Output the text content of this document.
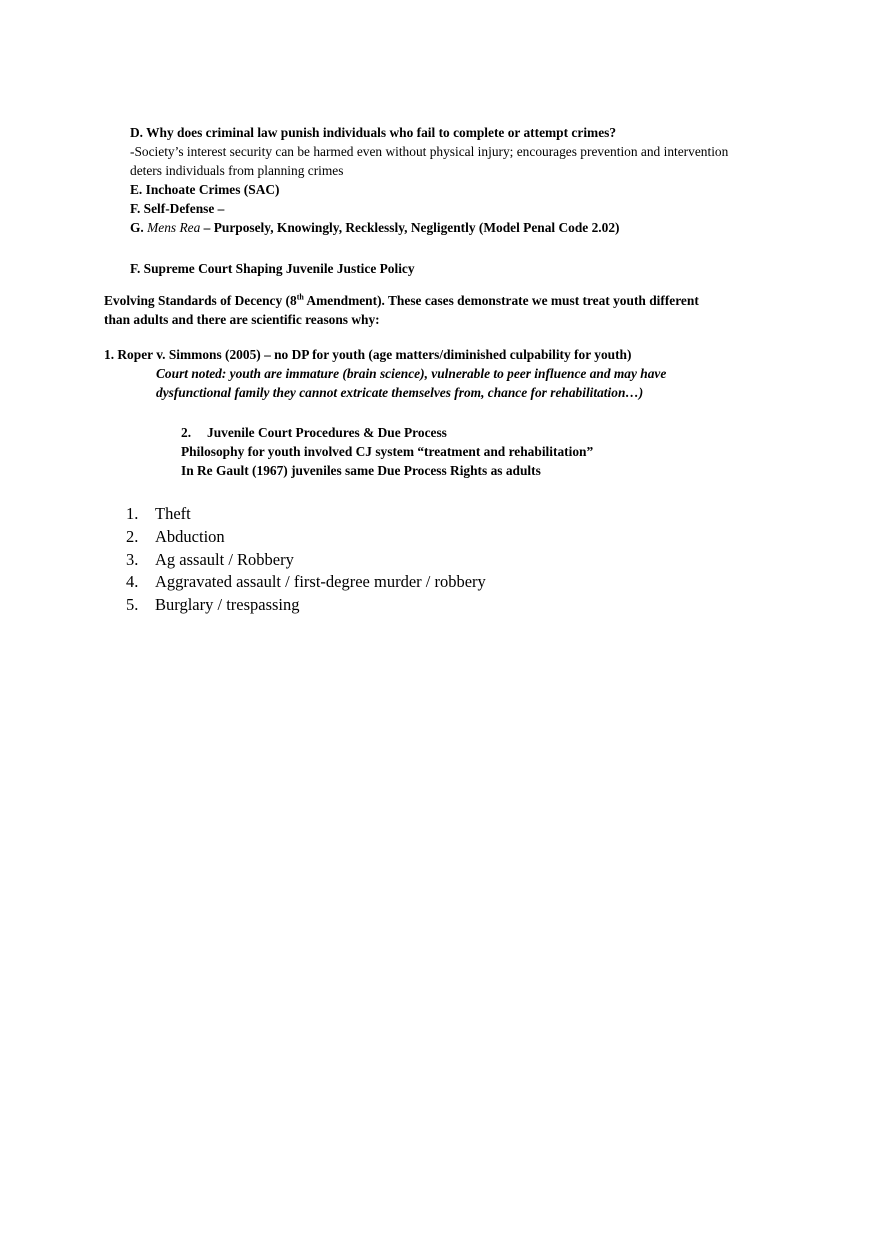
D. Why does criminal law punish individuals who fail to complete or attempt crimes?
-Society’s interest security can be harmed even without physical injury; encourages prevention and intervention
deters individuals from planning crimes
E. Inchoate Crimes (SAC)
F. Self-Defense –
G. Mens Rea – Purposely, Knowingly, Recklessly, Negligently (Model Penal Code 2.02)
F. Supreme Court Shaping Juvenile Justice Policy
Evolving Standards of Decency (8th Amendment). These cases demonstrate we must treat youth different
than adults and there are scientific reasons why:
1. Roper v. Simmons (2005) – no DP for youth (age matters/diminished culpability for youth)
Court noted: youth are immature (brain science), vulnerable to peer influence and may have
dysfunctional family they cannot extricate themselves from, chance for rehabilitation…)
2. Juvenile Court Procedures & Due Process
Philosophy for youth involved CJ system “treatment and rehabilitation”
In Re Gault (1967) juveniles same Due Process Rights as adults
1. Theft
2. Abduction
3. Ag assault / Robbery
4. Aggravated assault / first-degree murder / robbery
5. Burglary / trespassing
